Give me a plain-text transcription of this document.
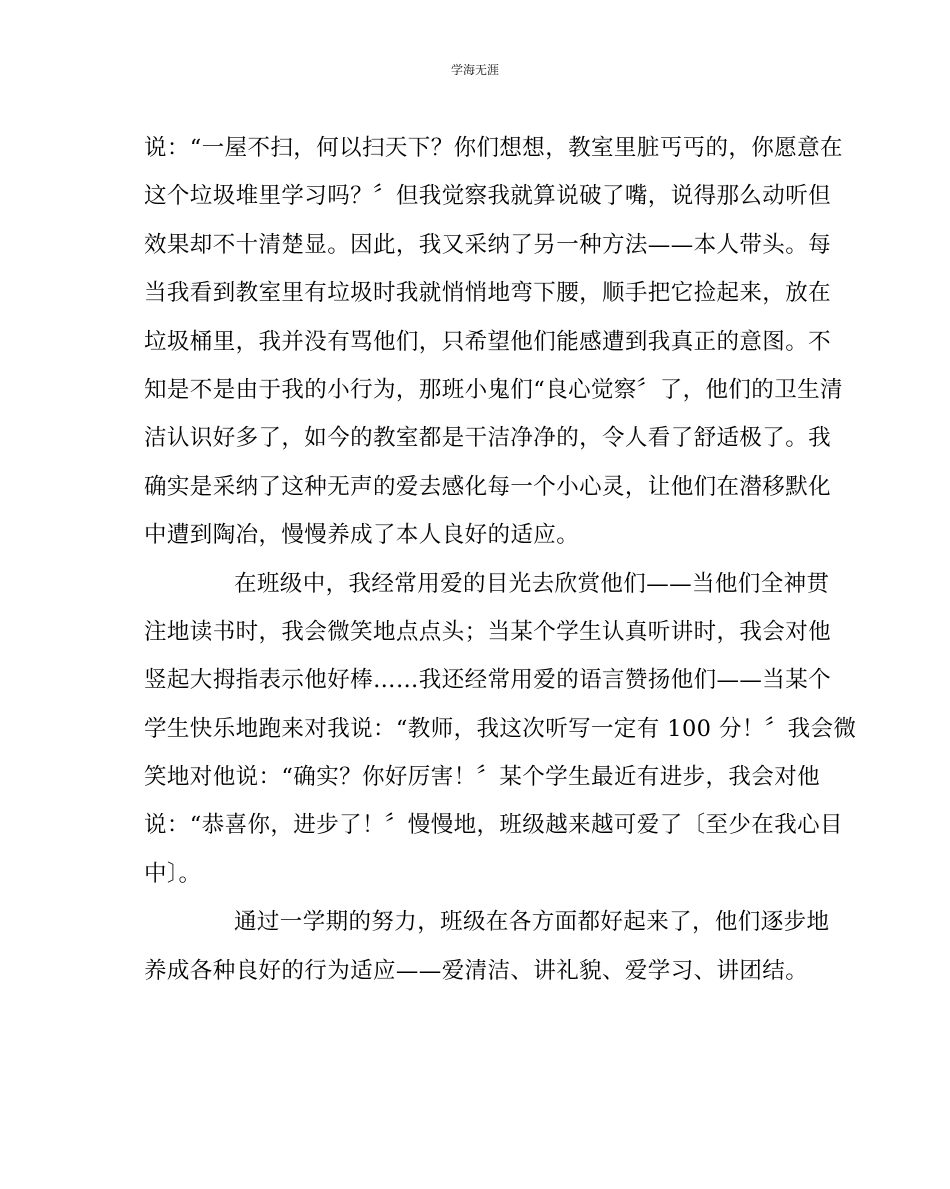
学海无涯
说：“一屋不扫，何以扫天下？你们想想，教室里脏丐丐的，你愿意在
这个垃圾堆里学习吗？〞但我觉察我就算说破了嘴，说得那么动听但
效果却不十清楚显。因此，我又采纳了另一种方法——本人带头。每
当我看到教室里有垃圾时我就悄悄地弯下腰，顺手把它捡起来，放在
垃圾桶里，我并没有骂他们，只希望他们能感遭到我真正的意图。不
知是不是由于我的小行为，那班小鬼们“良心觉察〞了，他们的卫生清
洁认识好多了，如今的教室都是干洁净净的，令人看了舒适极了。我
确实是采纳了这种无声的爱去感化每一个小心灵，让他们在潜移默化
中遭到陶冶，慢慢养成了本人良好的适应。
在班级中，我经常用爱的目光去欣赏他们——当他们全神贯
注地读书时，我会微笑地点点头；当某个学生认真听讲时，我会对他
竖起大拇指表示他好棒……我还经常用爱的语言赞扬他们——当某个
学生快乐地跑来对我说：“教师，我这次听写一定有 100 分！〞我会微
笑地对他说：“确实？你好厉害！〞某个学生最近有进步，我会对他
说：“恭喜你，进步了！〞慢慢地，班级越来越可爱了〔至少在我心目
中〕。
通过一学期的努力，班级在各方面都好起来了，他们逐步地
养成各种良好的行为适应——爱清洁、讲礼貌、爱学习、讲团结。
